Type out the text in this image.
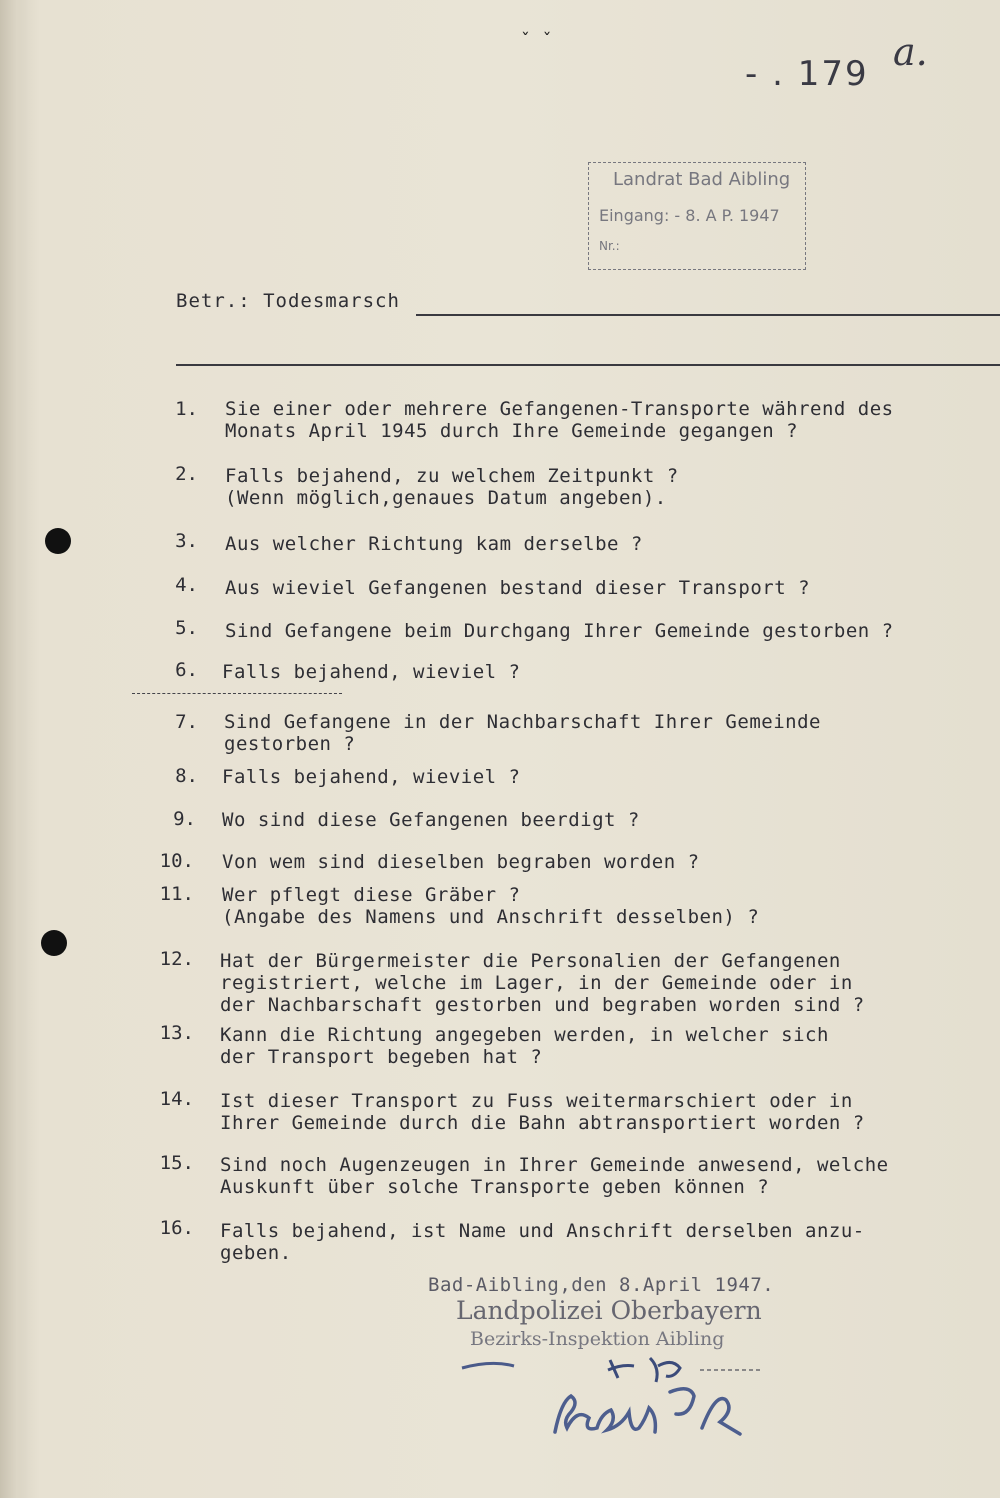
ˇ ˇ
- . 179 a.
Landrat Bad Aibling
Eingang: - 8. A P. 1947
Nr.:
Betr.: Todesmarsch
1. Sie einer oder mehrere Gefangenen-Transporte während des
Monats April 1945 durch Ihre Gemeinde gegangen ?
2. Falls bejahend, zu welchem Zeitpunkt ?
(Wenn möglich,genaues Datum angeben).
3. Aus welcher Richtung kam derselbe ?
4. Aus wieviel Gefangenen bestand dieser Transport ?
5. Sind Gefangene beim Durchgang Ihrer Gemeinde gestorben ?
6. Falls bejahend, wieviel ?
7. Sind Gefangene in der Nachbarschaft Ihrer Gemeinde
gestorben ?
8. Falls bejahend, wieviel ?
9. Wo sind diese Gefangenen beerdigt ?
10. Von wem sind dieselben begraben worden ?
11. Wer pflegt diese Gräber ?
(Angabe des Namens und Anschrift desselben) ?
12. Hat der Bürgermeister die Personalien der Gefangenen
registriert, welche im Lager, in der Gemeinde oder in
der Nachbarschaft gestorben und begraben worden sind ?
13. Kann die Richtung angegeben werden, in welcher sich
der Transport begeben hat ?
14. Ist dieser Transport zu Fuss weitermarschiert oder in
Ihrer Gemeinde durch die Bahn abtransportiert worden ?
15. Sind noch Augenzeugen in Ihrer Gemeinde anwesend, welche
Auskunft über solche Transporte geben können ?
16. Falls bejahend, ist Name und Anschrift derselben anzu-
geben.
Bad-Aibling,den 8.April 1947.
Landpolizei Oberbayern
Bezirks-Inspektion Aibling
